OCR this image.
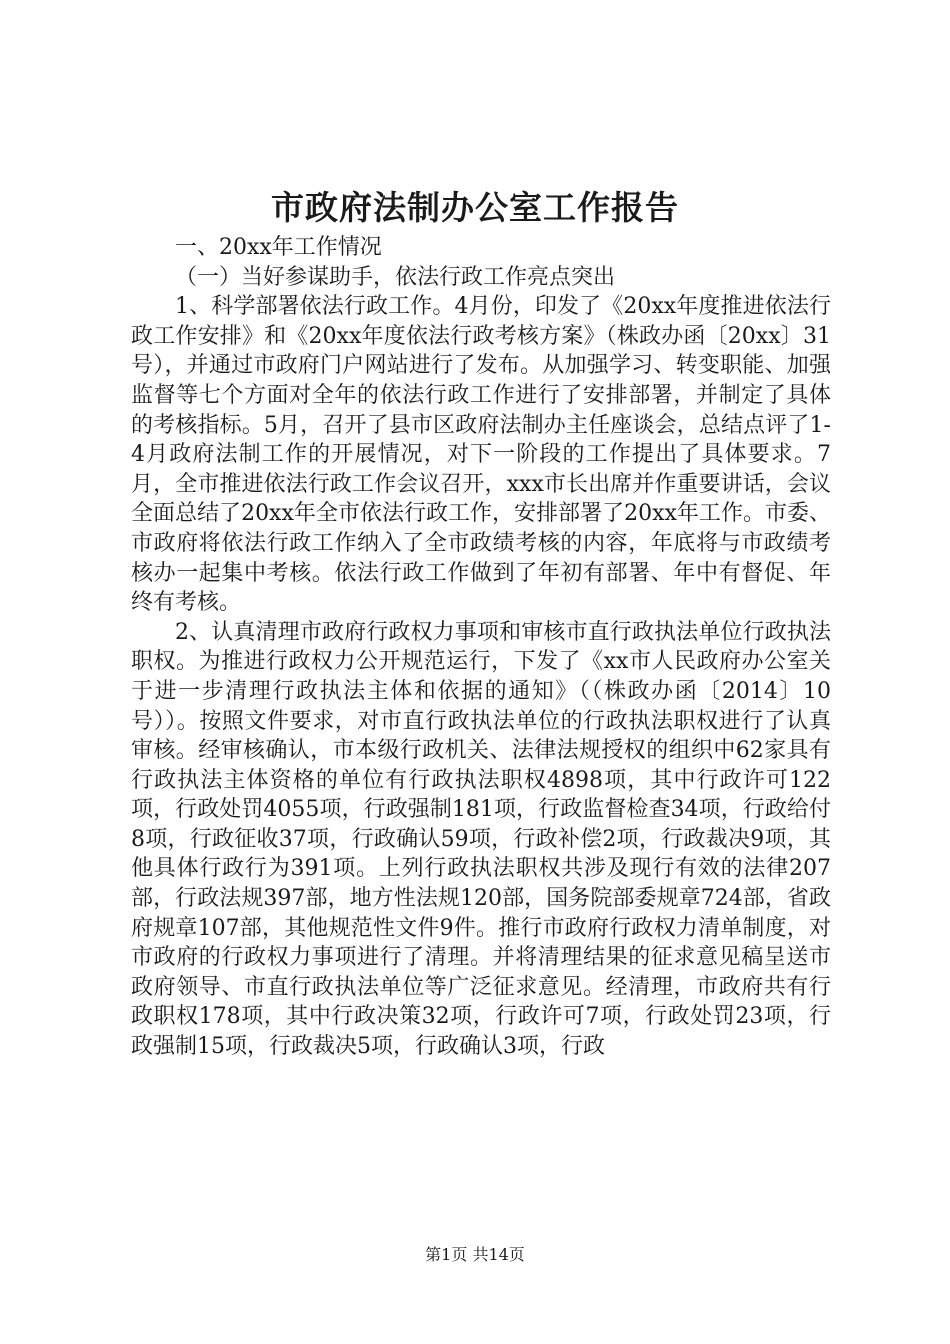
市政府法制办公室工作报告

一、20xx年工作情况

（一）当好参谋助手，依法行政工作亮点突出

1、科学部署依法行政工作。4月份，印发了《20xx年度推进依法行政工作安排》和《20xx年度依法行政考核方案》（株政办函〔20xx〕31号），并通过市政府门户网站进行了发布。从加强学习、转变职能、加强监督等七个方面对全年的依法行政工作进行了安排部署，并制定了具体的考核指标。5月，召开了县市区政府法制办主任座谈会，总结点评了1-4月政府法制工作的开展情况，对下一阶段的工作提出了具体要求。7月，全市推进依法行政工作会议召开，xxx市长出席并作重要讲话，会议全面总结了20xx年全市依法行政工作，安排部署了20xx年工作。市委、市政府将依法行政工作纳入了全市政绩考核的内容，年底将与市政绩考核办一起集中考核。依法行政工作做到了年初有部署、年中有督促、年终有考核。

2、认真清理市政府行政权力事项和审核市直行政执法单位行政执法职权。为推进行政权力公开规范运行，下发了《xx市人民政府办公室关于进一步清理行政执法主体和依据的通知》（（株政办函〔2014〕10号））。按照文件要求，对市直行政执法单位的行政执法职权进行了认真审核。经审核确认，市本级行政机关、法律法规授权的组织中62家具有行政执法主体资格的单位有行政执法职权4898项，其中行政许可122项，行政处罚4055项，行政强制181项，行政监督检查34项，行政给付8项，行政征收37项，行政确认59项，行政补偿2项，行政裁决9项，其他具体行政行为391项。上列行政执法职权共涉及现行有效的法律207部，行政法规397部，地方性法规120部，国务院部委规章724部，省政府规章107部，其他规范性文件9件。推行市政府行政权力清单制度，对市政府的行政权力事项进行了清理。并将清理结果的征求意见稿呈送市政府领导、市直行政执法单位等广泛征求意见。经清理，市政府共有行政职权178项，其中行政决策32项，行政许可7项，行政处罚23项，行政强制15项，行政裁决5项，行政确认3项，行政

第1页 共14页
